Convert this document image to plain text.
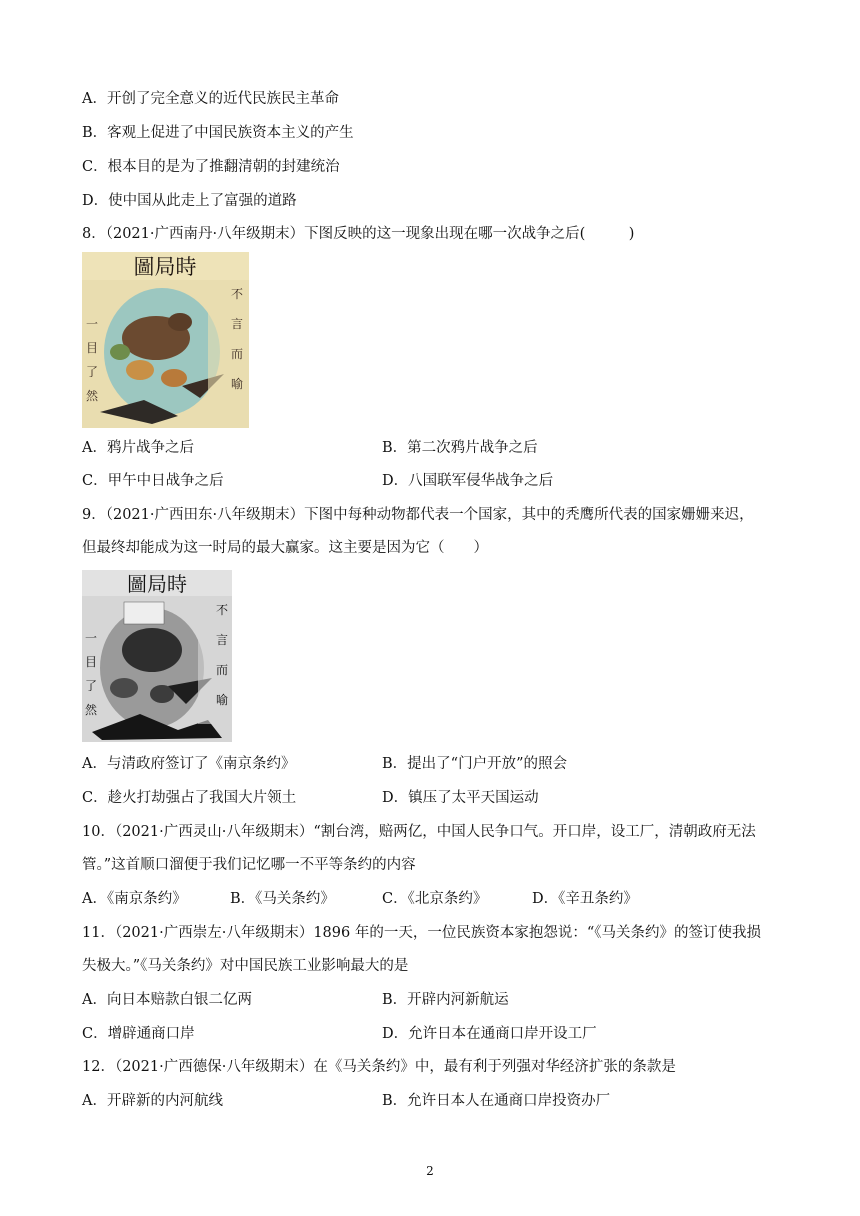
A．开创了完全意义的近代民族民主革命
B．客观上促进了中国民族资本主义的产生
C．根本目的是为了推翻清朝的封建统治
D．使中国从此走上了富强的道路
8．（2021·广西南丹·八年级期末）下图反映的这一现象出现在哪一次战争之后(　　　)
圖局時
一目了然
不言而喻
A．鸦片战争之后	B．第二次鸦片战争之后
C．甲午中日战争之后	D．八国联军侵华战争之后
9．（2021·广西田东·八年级期末）下图中每种动物都代表一个国家，其中的秃鹰所代表的国家姗姗来迟，
但最终却能成为这一时局的最大赢家。这主要是因为它（　　）
圖局時
一目了然
不言而喻
A．与清政府签订了《南京条约》	B．提出了“门户开放”的照会
C．趁火打劫强占了我国大片领土	D．镇压了太平天国运动
10．（2021·广西灵山·八年级期末）“割台湾，赔两亿，中国人民争口气。开口岸，设工厂，清朝政府无法
管。”这首顺口溜便于我们记忆哪一不平等条约的内容
A．《南京条约》	B．《马关条约》	C．《北京条约》	D．《辛丑条约》
11．（2021·广西崇左·八年级期末）1896 年的一天，一位民族资本家抱怨说：“《马关条约》的签订使我损
失极大。”《马关条约》对中国民族工业影响最大的是
A．向日本赔款白银二亿两	B．开辟内河新航运
C．增辟通商口岸	D．允许日本在通商口岸开设工厂
12．（2021·广西德保·八年级期末）在《马关条约》中，最有利于列强对华经济扩张的条款是
A．开辟新的内河航线	B．允许日本人在通商口岸投资办厂
2
